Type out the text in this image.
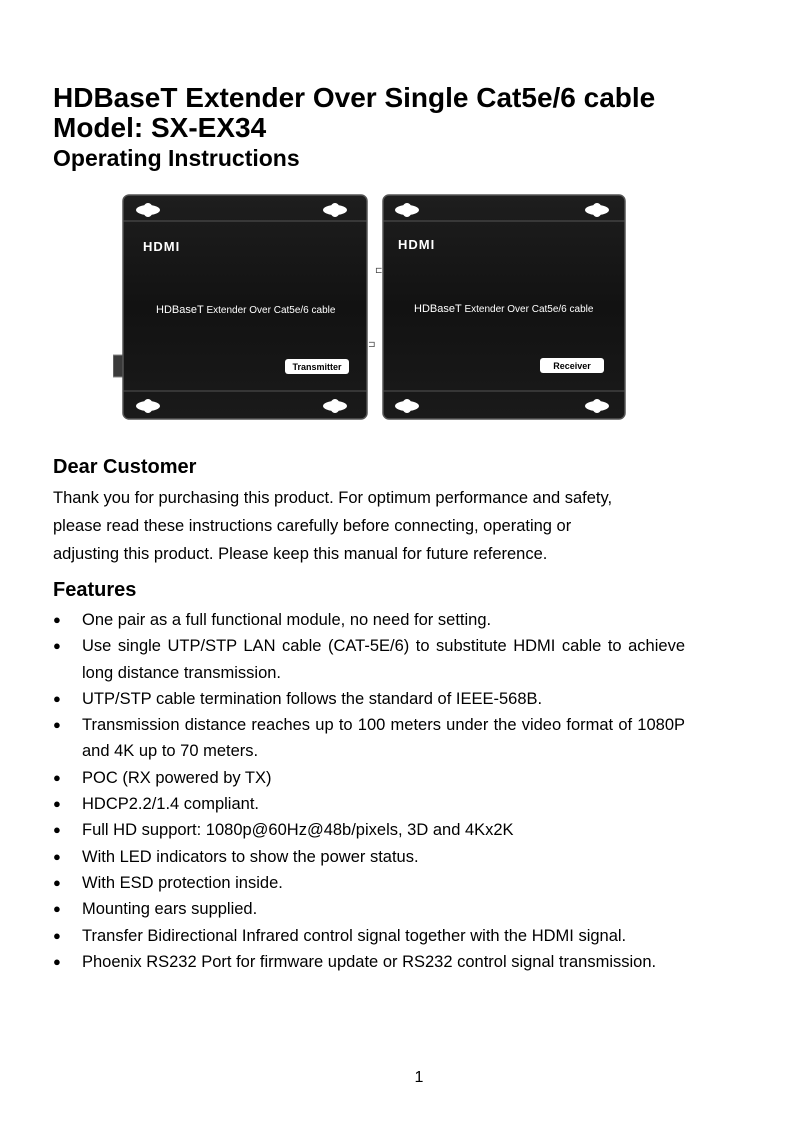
HDBaseT Extender Over Single Cat5e/6 cable
Model: SX-EX34
Operating Instructions
HDMI
HDBaseT Extender Over Cat5e/6 cable
Transmitter
⊏
HDMI
HDBaseT Extender Over Cat5e/6 cable
Receiver
⊐
Dear Customer

Thank you for purchasing this product. For optimum performance and safety,
please read these instructions carefully before connecting, operating or
adjusting this product. Please keep this manual for future reference.

Features
● One pair as a full functional module, no need for setting.
● Use single UTP/STP LAN cable (CAT-5E/6) to substitute HDMI cable to achieve long distance transmission.
● UTP/STP cable termination follows the standard of IEEE-568B.
● Transmission distance reaches up to 100 meters under the video format of 1080P and 4K up to 70 meters.
● POC (RX powered by TX)
● HDCP2.2/1.4 compliant.
● Full HD support: 1080p@60Hz@48b/pixels, 3D and 4Kx2K
● With LED indicators to show the power status.
● With ESD protection inside.
● Mounting ears supplied.
● Transfer Bidirectional Infrared control signal together with the HDMI signal.
● Phoenix RS232 Port for firmware update or RS232 control signal transmission.

1
